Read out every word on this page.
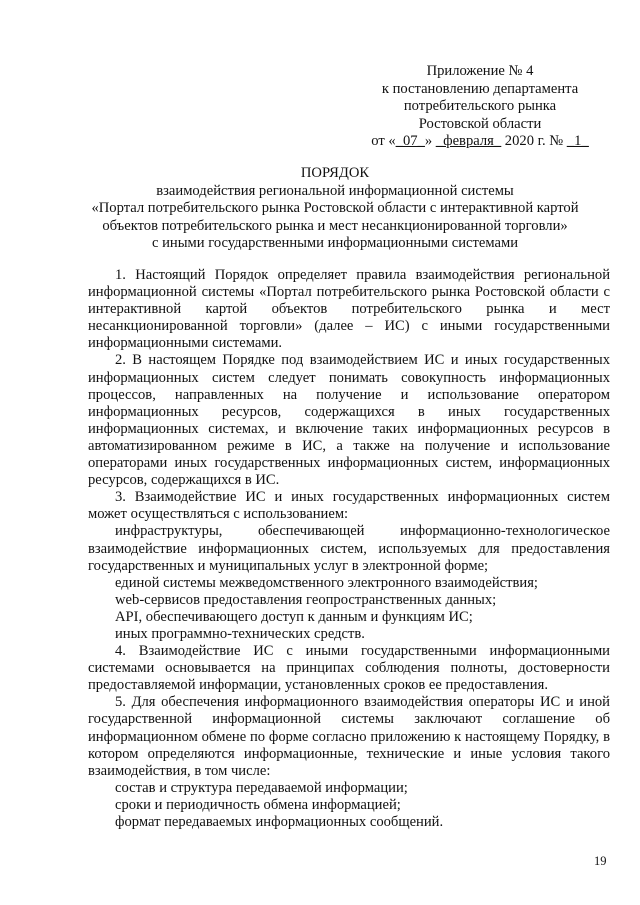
Приложение № 4
к постановлению департамента
потребительского рынка
Ростовской области
от «_07_» _февраля_ 2020 г. № _1_
ПОРЯДОК
взаимодействия региональной информационной системы
«Портал потребительского рынка Ростовской области с интерактивной картой
объектов потребительского рынка и мест несанкционированной торговли»
с иными государственными информационными системами

1. Настоящий Порядок определяет правила взаимодействия региональной информационной системы «Портал потребительского рынка Ростовской области с интерактивной картой объектов потребительского рынка и мест несанкционированной торговли» (далее – ИС) с иными государственными информационными системами.

2. В настоящем Порядке под взаимодействием ИС и иных государственных информационных систем следует понимать совокупность информационных процессов, направленных на получение и использование оператором информационных ресурсов, содержащихся в иных государственных информационных системах, и включение таких информационных ресурсов в автоматизированном режиме в ИС, а также на получение и использование операторами иных государственных информационных систем, информационных ресурсов, содержащихся в ИС.

3. Взаимодействие ИС и иных государственных информационных систем может осуществляться с использованием:

инфраструктуры, обеспечивающей информационно-технологическое взаимодействие информационных систем, используемых для предоставления государственных и муниципальных услуг в электронной форме;

единой системы межведомственного электронного взаимодействия;

web-сервисов предоставления геопространственных данных;

API, обеспечивающего доступ к данным и функциям ИС;

иных программно-технических средств.

4. Взаимодействие ИС с иными государственными информационными системами основывается на принципах соблюдения полноты, достоверности предоставляемой информации, установленных сроков ее предоставления.

5. Для обеспечения информационного взаимодействия операторы ИС и иной государственной информационной системы заключают соглашение об информационном обмене по форме согласно приложению к настоящему Порядку, в котором определяются информационные, технические и иные условия такого взаимодействия, в том числе:

состав и структура передаваемой информации;

сроки и периодичность обмена информацией;

формат передаваемых информационных сообщений.

19
